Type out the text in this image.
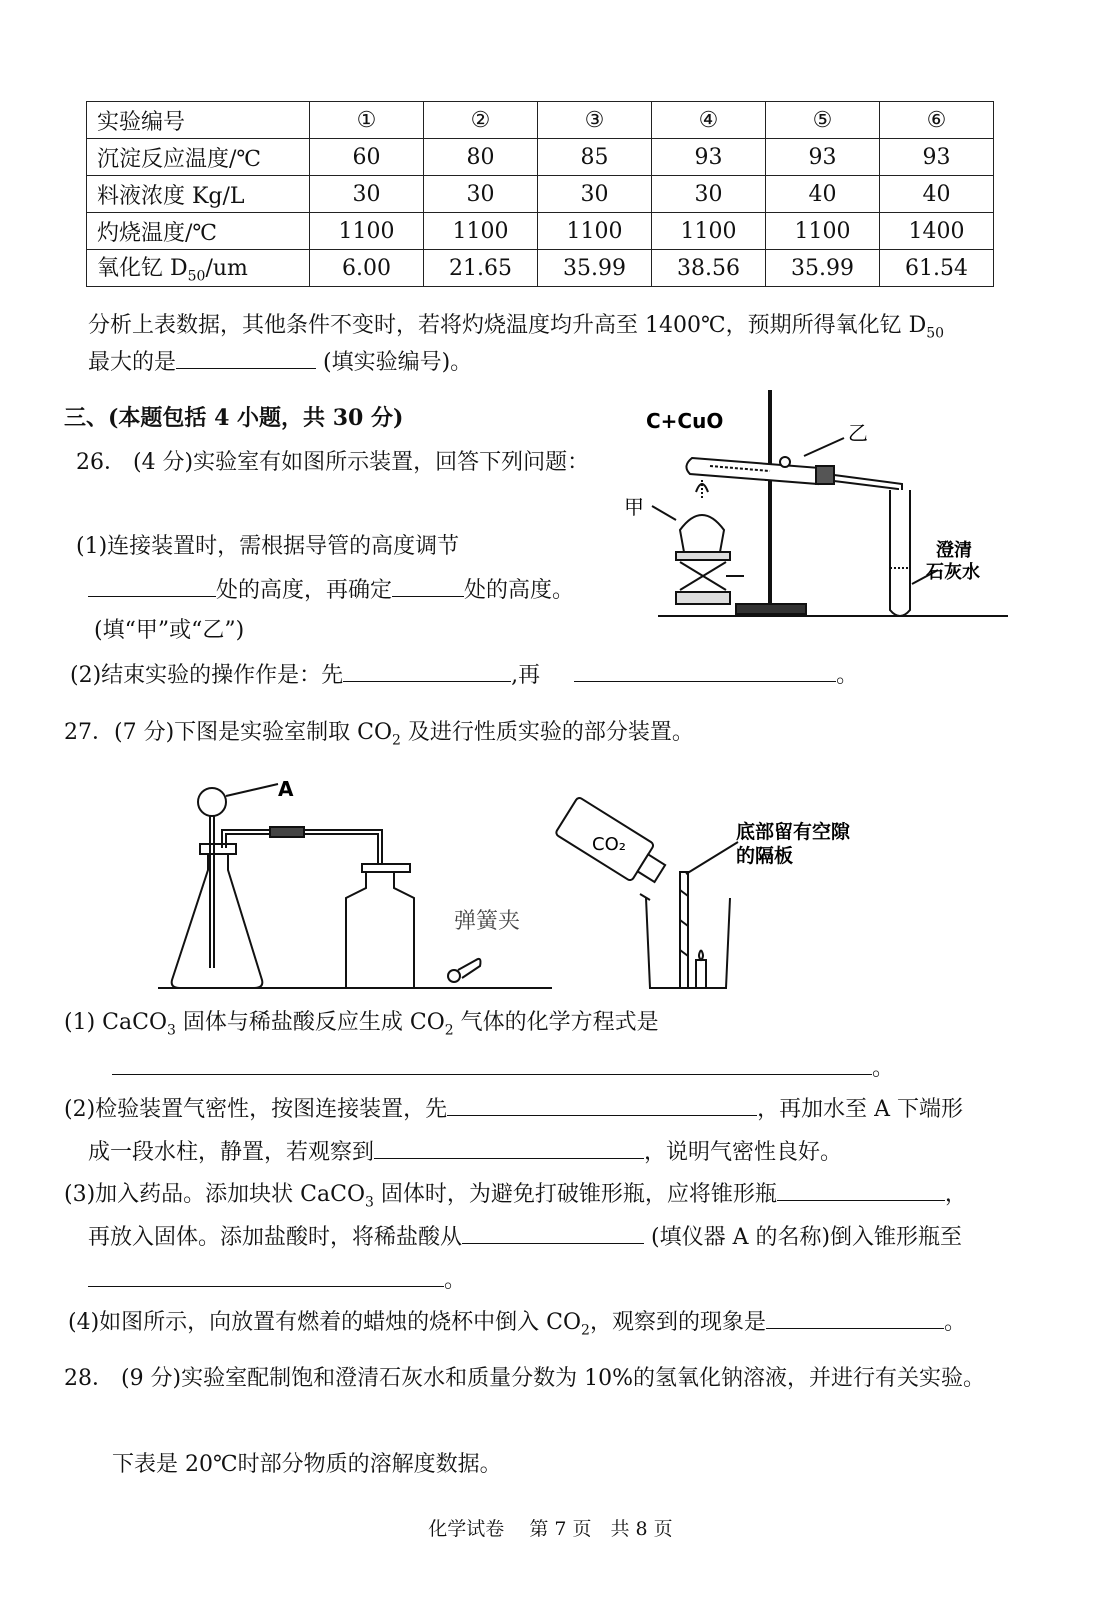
实验编号	①	②	③	④	⑤	⑥
沉淀反应温度/℃	60	80	85	93	93	93
料液浓度 Kg/L	30	30	30	30	40	40
灼烧温度/℃	1100	1100	1100	1100	1100	1400
氧化钇 $D_{50}/um$	6.00	21.65	35.99	38.56	35.99	61.54
分析上表数据，其他条件不变时，若将灼烧温度均升高至 1400℃，预期所得氧化钇 $D_{50}$
最大的是	(填实验编号)。
三、(本题包括 4 小题，共 30 分)
26． (4 分)实验室有如图所示装置，回答下列问题：
(1)连接装置时，需根据导管的高度调节
处的高度，再确定	处的高度。
(填“甲”或“乙”)
(2)结束实验的操作作是：先	,再	。
C+CuO	乙
甲
澄清
石灰水
27．(7 分)下图是实验室制取 $CO_2$ 及进行性质实验的部分装置。
A
弹簧夹
CO₂
底部留有空隙
的隔板
(1) CaCO$_3$ 固体与稀盐酸反应生成 $CO_2$ 气体的化学方程式是
。
(2)检验装置气密性，按图连接装置，先	，再加水至 A 下端形
成一段水柱，静置，若观察到	，说明气密性良好。
(3)加入药品。添加块状 CaCO$_3$ 固体时，为避免打破锥形瓶，应将锥形瓶	，
再放入固体。添加盐酸时，将稀盐酸从	(填仪器 A 的名称)倒入锥形瓶至
。
(4)如图所示，向放置有燃着的蜡烛的烧杯中倒入 $CO_2$，观察到的现象是	。
28． (9 分)实验室配制饱和澄清石灰水和质量分数为 10%的氢氧化钠溶液，并进行有关实验。
下表是 20℃时部分物质的溶解度数据。
化学试卷　 第 7 页　共 8 页
